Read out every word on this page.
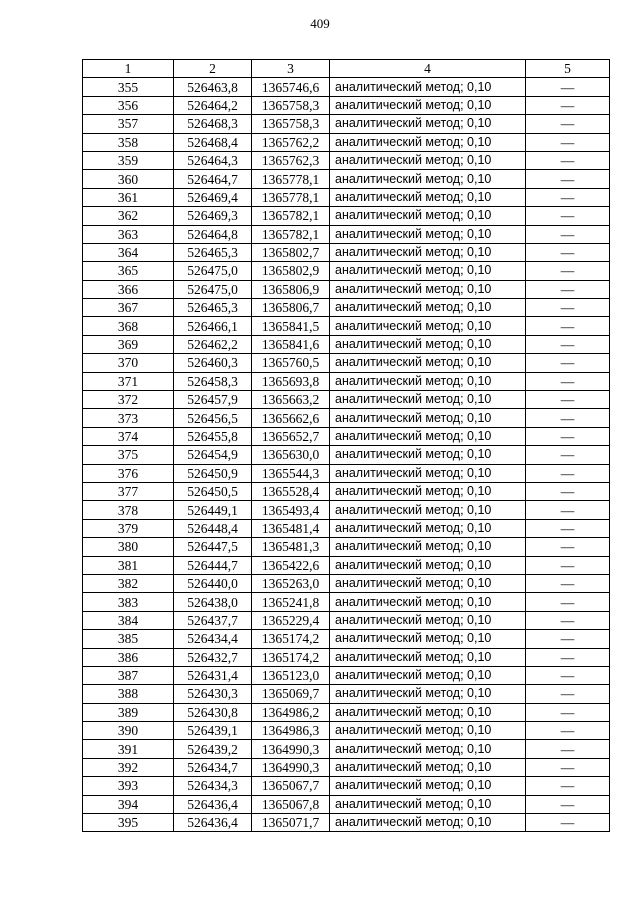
409
1	2	3	4	5
355	526463,8	1365746,6	аналитический метод; 0,10	—
356	526464,2	1365758,3	аналитический метод; 0,10	—
357	526468,3	1365758,3	аналитический метод; 0,10	—
358	526468,4	1365762,2	аналитический метод; 0,10	—
359	526464,3	1365762,3	аналитический метод; 0,10	—
360	526464,7	1365778,1	аналитический метод; 0,10	—
361	526469,4	1365778,1	аналитический метод; 0,10	—
362	526469,3	1365782,1	аналитический метод; 0,10	—
363	526464,8	1365782,1	аналитический метод; 0,10	—
364	526465,3	1365802,7	аналитический метод; 0,10	—
365	526475,0	1365802,9	аналитический метод; 0,10	—
366	526475,0	1365806,9	аналитический метод; 0,10	—
367	526465,3	1365806,7	аналитический метод; 0,10	—
368	526466,1	1365841,5	аналитический метод; 0,10	—
369	526462,2	1365841,6	аналитический метод; 0,10	—
370	526460,3	1365760,5	аналитический метод; 0,10	—
371	526458,3	1365693,8	аналитический метод; 0,10	—
372	526457,9	1365663,2	аналитический метод; 0,10	—
373	526456,5	1365662,6	аналитический метод; 0,10	—
374	526455,8	1365652,7	аналитический метод; 0,10	—
375	526454,9	1365630,0	аналитический метод; 0,10	—
376	526450,9	1365544,3	аналитический метод; 0,10	—
377	526450,5	1365528,4	аналитический метод; 0,10	—
378	526449,1	1365493,4	аналитический метод; 0,10	—
379	526448,4	1365481,4	аналитический метод; 0,10	—
380	526447,5	1365481,3	аналитический метод; 0,10	—
381	526444,7	1365422,6	аналитический метод; 0,10	—
382	526440,0	1365263,0	аналитический метод; 0,10	—
383	526438,0	1365241,8	аналитический метод; 0,10	—
384	526437,7	1365229,4	аналитический метод; 0,10	—
385	526434,4	1365174,2	аналитический метод; 0,10	—
386	526432,7	1365174,2	аналитический метод; 0,10	—
387	526431,4	1365123,0	аналитический метод; 0,10	—
388	526430,3	1365069,7	аналитический метод; 0,10	—
389	526430,8	1364986,2	аналитический метод; 0,10	—
390	526439,1	1364986,3	аналитический метод; 0,10	—
391	526439,2	1364990,3	аналитический метод; 0,10	—
392	526434,7	1364990,3	аналитический метод; 0,10	—
393	526434,3	1365067,7	аналитический метод; 0,10	—
394	526436,4	1365067,8	аналитический метод; 0,10	—
395	526436,4	1365071,7	аналитический метод; 0,10	—
